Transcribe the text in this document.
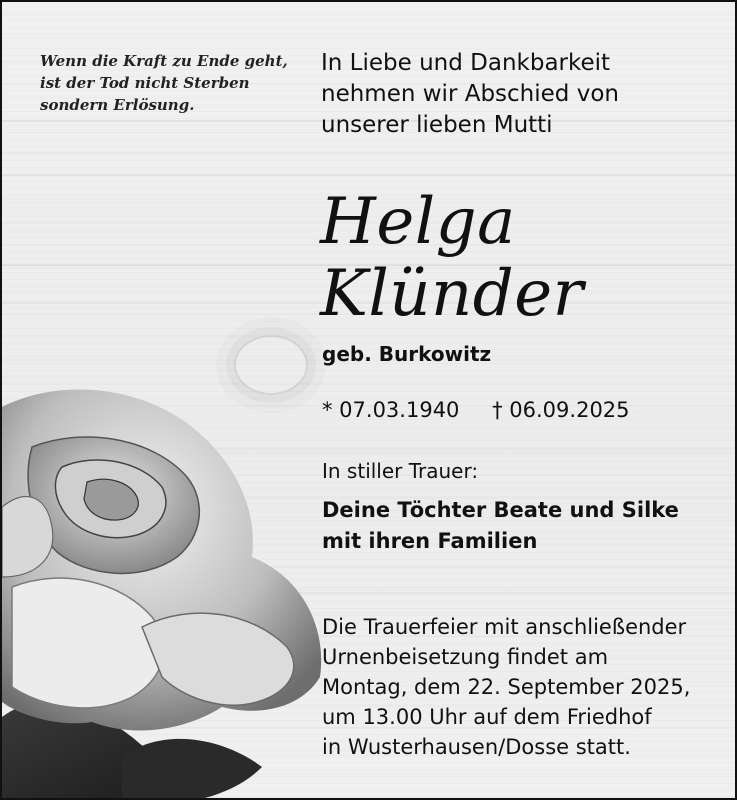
Wenn die Kraft zu Ende geht,
ist der Tod nicht Sterben
sondern Erlösung.
In Liebe und Dankbarkeit
nehmen wir Abschied von
unserer lieben Mutti
Helga
Klünder
geb. Burkowitz
* 07.03.1940 † 06.09.2025
In stiller Trauer:
Deine Töchter Beate und Silke
mit ihren Familien
Die Trauerfeier mit anschließender
Urnenbeisetzung findet am
Montag, dem 22. September 2025,
um 13.00 Uhr auf dem Friedhof
in Wusterhausen/Dosse statt.
